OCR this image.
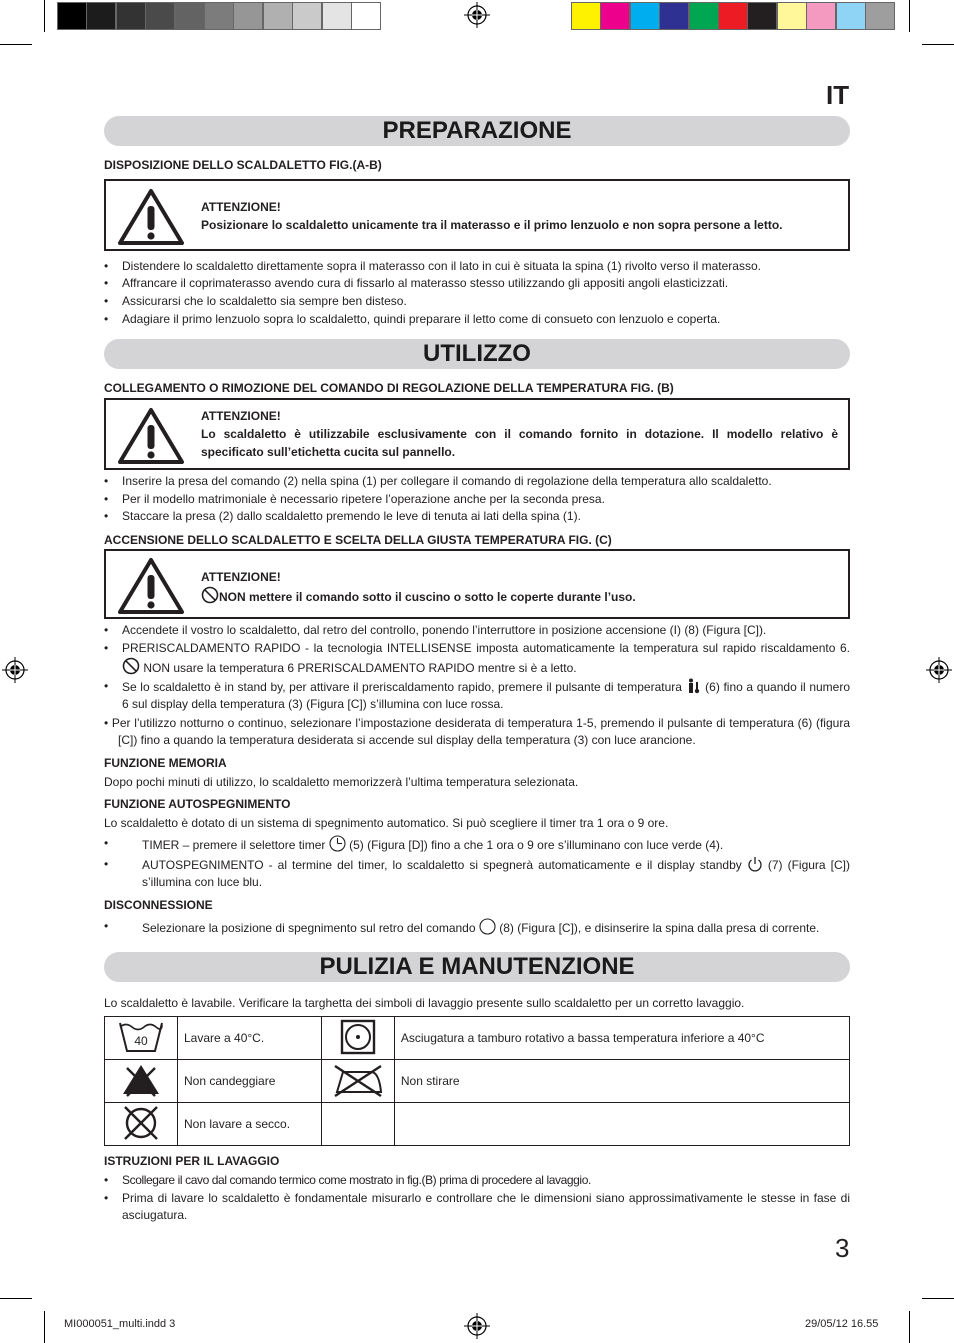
IT
PREPARAZIONE
DISPOSIZIONE DELLO SCALDALETTO FIG.(A-B)
ATTENZIONE!
Posizionare lo scaldaletto unicamente tra il materasso e il primo lenzuolo e non sopra persone a letto.
• Distendere lo scaldaletto direttamente sopra il materasso con il lato in cui è situata la spina (1) rivolto verso il materasso.
• Affrancare il coprimaterasso avendo cura di fissarlo al materasso stesso utilizzando gli appositi angoli elasticizzati.
• Assicurarsi che lo scaldaletto sia sempre ben disteso.
• Adagiare il primo lenzuolo sopra lo scaldaletto, quindi preparare il letto come di consueto con lenzuolo e coperta.
UTILIZZO
COLLEGAMENTO O RIMOZIONE DEL COMANDO DI REGOLAZIONE DELLA TEMPERATURA FIG. (B)
ATTENZIONE!
Lo scaldaletto è utilizzabile esclusivamente con il comando fornito in dotazione. Il modello relativo è specificato sull’etichetta cucita sul pannello.
• Inserire la presa del comando (2) nella spina (1) per collegare il comando di regolazione della temperatura allo scaldaletto.
• Per il modello matrimoniale è necessario ripetere l’operazione anche per la seconda presa.
• Staccare la presa (2) dallo scaldaletto premendo le leve di tenuta ai lati della spina (1).
ACCENSIONE DELLO SCALDALETTO E SCELTA DELLA GIUSTA TEMPERATURA FIG. (C)
ATTENZIONE!
NON mettere il comando sotto il cuscino o sotto le coperte durante l’uso.
• Accendete il vostro lo scaldaletto, dal retro del controllo, ponendo l’interruttore in posizione accensione (I) (8) (Figura [C]).
• PRERISCALDAMENTO RAPIDO - la tecnologia INTELLISENSE imposta automaticamente la temperatura sul rapido riscaldamento 6.  NON usare la temperatura 6 PRERISCALDAMENTO RAPIDO mentre si è a letto.
• Se lo scaldaletto è in stand by, per attivare il preriscaldamento rapido, premere il pulsante di temperatura (6) fino a quando il numero 6 sul display della temperatura (3) (Figura [C]) s’illumina con luce rossa.
• Per l’utilizzo notturno o continuo, selezionare l’impostazione desiderata di temperatura 1-5, premendo il pulsante di temperatura (6) (figura [C]) fino a quando la temperatura desiderata si accende sul display della temperatura (3) con luce arancione.
FUNZIONE MEMORIA
Dopo pochi minuti di utilizzo, lo scaldaletto memorizzerà l’ultima temperatura selezionata.
FUNZIONE AUTOSPEGNIMENTO
Lo scaldaletto è dotato di un sistema di spegnimento automatico. Si può scegliere il timer tra 1 ora o 9 ore.
• TIMER – premere il selettore timer (5) (Figura [D]) fino a che 1 ora o 9 ore s’illuminano con luce verde (4).
• AUTOSPEGNIMENTO - al termine del timer, lo scaldaletto si spegnerà automaticamente e il display standby (7) (Figura [C]) s’illumina con luce blu.
DISCONNESSIONE
• Selezionare la posizione di spegnimento sul retro del comando (8) (Figura [C]), e disinserire la spina dalla presa di corrente.
PULIZIA E MANUTENZIONE
Lo scaldaletto è lavabile. Verificare la targhetta dei simboli di lavaggio presente sullo scaldaletto per un corretto lavaggio.
40	Lavare a 40°C.		Asciugatura a tamburo rotativo a bassa temperatura inferiore a 40°C
	Non candeggiare		Non stirare
	Non lavare a secco.		
ISTRUZIONI PER IL LAVAGGIO
• Scollegare il cavo dal comando termico come mostrato in fig.(B) prima di procedere al lavaggio.
• Prima di lavare lo scaldaletto è fondamentale misurarlo e controllare che le dimensioni siano approssimativamente le stesse in fase di asciugatura.
3
MI000051_multi.indd 3	29/05/12 16.55
